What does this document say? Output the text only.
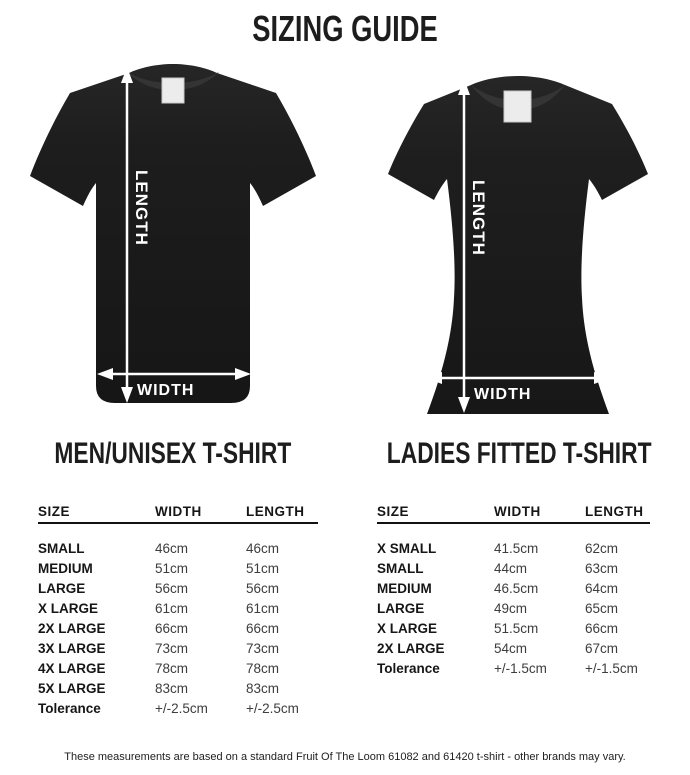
SIZING GUIDE
LENGTH
WIDTH
LENGTH
WIDTH
MEN/UNISEX T-SHIRT	LADIES FITTED T-SHIRT
SIZE	WIDTH	LENGTH
SMALL	46cm	46cm
MEDIUM	51cm	51cm
LARGE	56cm	56cm
X LARGE	61cm	61cm
2X LARGE	66cm	66cm
3X LARGE	73cm	73cm
4X LARGE	78cm	78cm
5X LARGE	83cm	83cm
Tolerance	+/-2.5cm	+/-2.5cm
SIZE	WIDTH	LENGTH
X SMALL	41.5cm	62cm
SMALL	44cm	63cm
MEDIUM	46.5cm	64cm
LARGE	49cm	65cm
X LARGE	51.5cm	66cm
2X LARGE	54cm	67cm
Tolerance	+/-1.5cm	+/-1.5cm
These measurements are based on a standard Fruit Of The Loom 61082 and 61420 t-shirt - other brands may vary.
